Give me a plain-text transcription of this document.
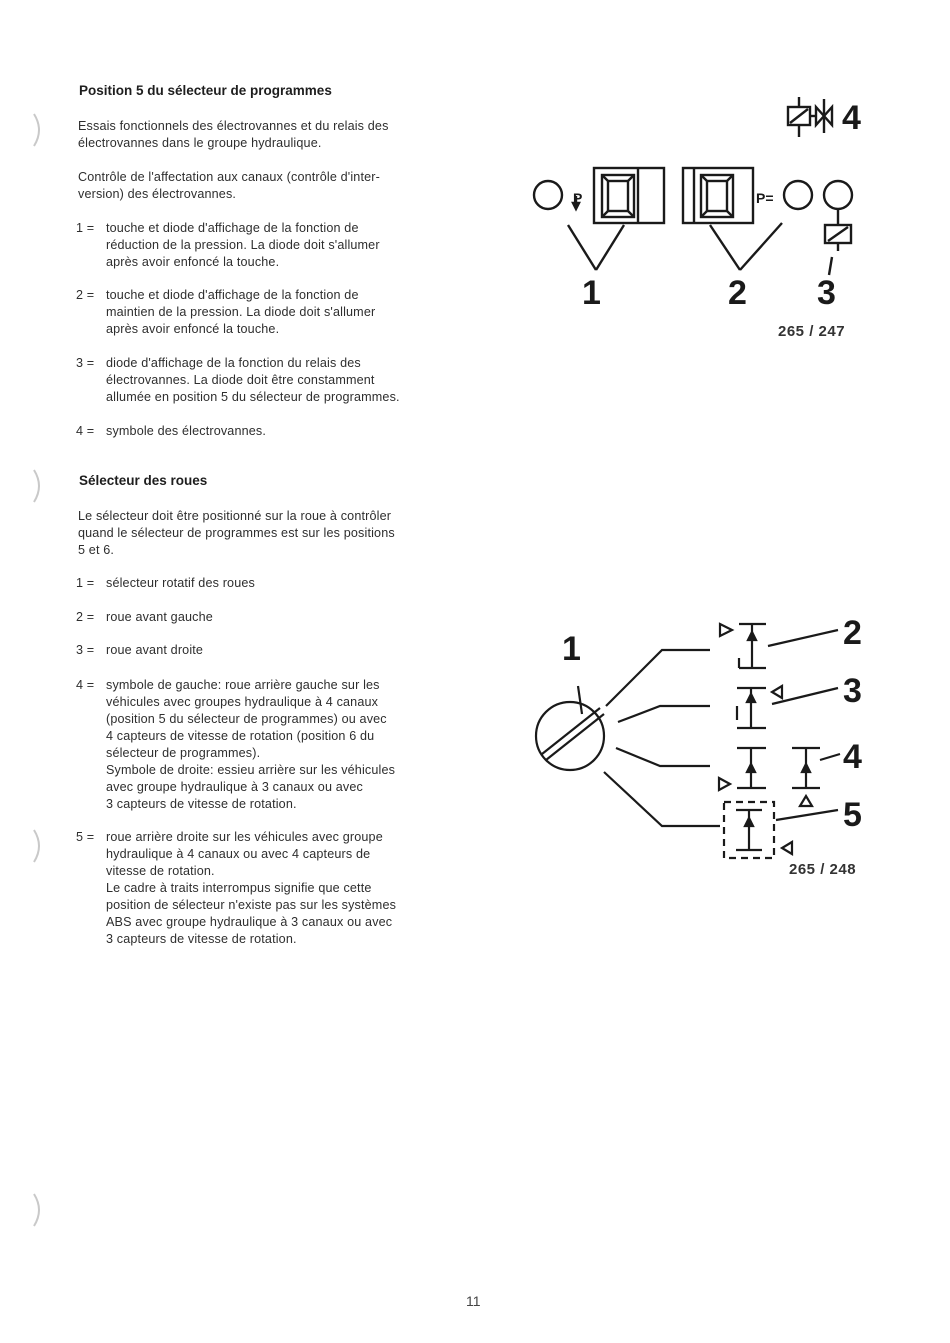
Position 5 du sélecteur de programmes

Essais fonctionnels des électrovannes et du relais des

électrovannes dans le groupe hydraulique.

Contrôle de l'affectation aux canaux (contrôle d'inter-

version) des électrovannes.

1 = touche et diode d'affichage de la fonction de
réduction de la pression. La diode doit s'allumer
après avoir enfoncé la touche.
2 = touche et diode d'affichage de la fonction de
maintien de la pression. La diode doit s'allumer
après avoir enfoncé la touche.
3 = diode d'affichage de la fonction du relais des
électrovannes. La diode doit être constamment
allumée en position 5 du sélecteur de programmes.
4 = symbole des électrovannes.
Sélecteur des roues

Le sélecteur doit être positionné sur la roue à contrôler

quand le sélecteur de programmes est sur les positions

5 et 6.

1 = sélecteur rotatif des roues
2 = roue avant gauche
3 = roue avant droite
4 = symbole de gauche: roue arrière gauche sur les
véhicules avec groupes hydraulique à 4 canaux
(position 5 du sélecteur de programmes) ou avec
4 capteurs de vitesse de rotation (position 6 du
sélecteur de programmes).
Symbole de droite: essieu arrière sur les véhicules
avec groupe hydraulique à 3 canaux ou avec
3 capteurs de vitesse de rotation.
5 = roue arrière droite sur les véhicules avec groupe
hydraulique à 4 canaux ou avec 4 capteurs de
vitesse de rotation.
Le cadre à traits interrompus signifie que cette
position de sélecteur n'existe pas sur les systèmes
ABS avec groupe hydraulique à 3 canaux ou avec
3 capteurs de vitesse de rotation.
P	P=
1	2 3
4
265 / 247
1	2
3
4
5
265 / 248
11
